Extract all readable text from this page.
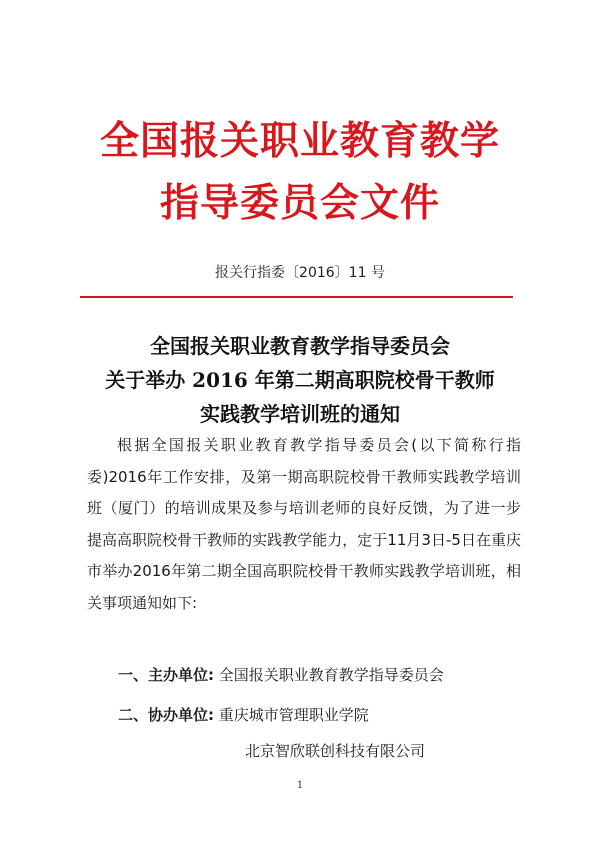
全国报关职业教育教学
指导委员会文件
报关行指委〔2016〕11 号
全国报关职业教育教学指导委员会
关于举办 2016 年第二期高职院校骨干教师
实践教学培训班的通知
根据全国报关职业教育教学指导委员会(以下简称行指委)2016年工作安排，及第一期高职院校骨干教师实践教学培训班（厦门）的培训成果及参与培训老师的良好反馈，为了进一步提高高职院校骨干教师的实践教学能力，定于11月3日-5日在重庆市举办2016年第二期全国高职院校骨干教师实践教学培训班，相关事项通知如下:
一、主办单位: 全国报关职业教育教学指导委员会
二、协办单位: 重庆城市管理职业学院
北京智欣联创科技有限公司
1
